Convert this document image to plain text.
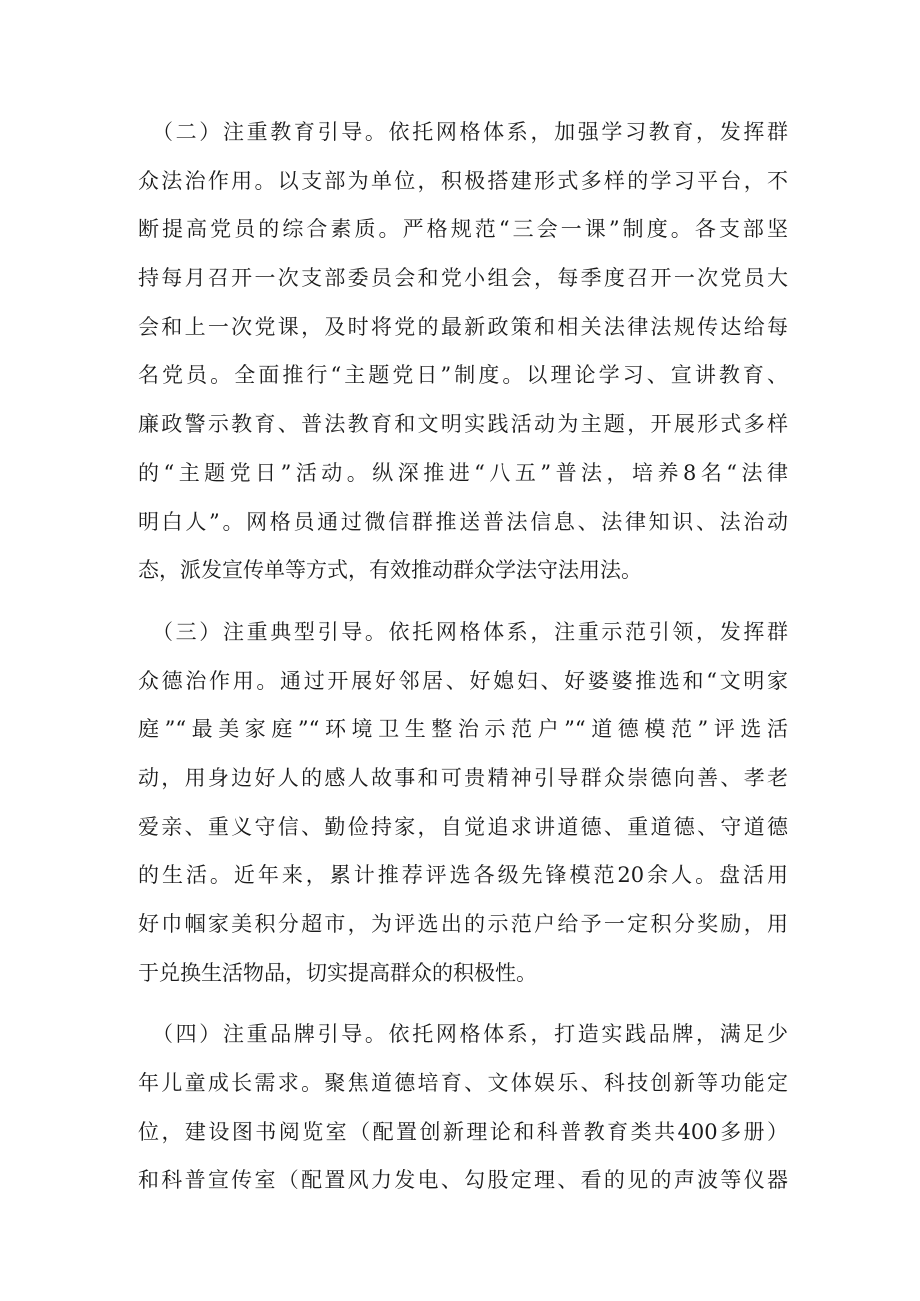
（二）注重教育引导。依托网格体系，加强学习教育，发挥群
众法治作用。以支部为单位，积极搭建形式多样的学习平台，不
断提高党员的综合素质。严格规范“三会一课”制度。各支部坚
持每月召开一次支部委员会和党小组会，每季度召开一次党员大
会和上一次党课，及时将党的最新政策和相关法律法规传达给每
名党员。全面推行“主题党日”制度。以理论学习、宣讲教育、
廉政警示教育、普法教育和文明实践活动为主题，开展形式多样
的“主题党日”活动。纵深推进“八五”普法，培养8名“法律
明白人”。网格员通过微信群推送普法信息、法律知识、法治动
态，派发宣传单等方式，有效推动群众学法守法用法。
（三）注重典型引导。依托网格体系，注重示范引领，发挥群
众德治作用。通过开展好邻居、好媳妇、好婆婆推选和“文明家
庭”“最美家庭”“环境卫生整治示范户”“道德模范”评选活
动，用身边好人的感人故事和可贵精神引导群众崇德向善、孝老
爱亲、重义守信、勤俭持家，自觉追求讲道德、重道德、守道德
的生活。近年来，累计推荐评选各级先锋模范20余人。盘活用
好巾帼家美积分超市，为评选出的示范户给予一定积分奖励，用
于兑换生活物品，切实提高群众的积极性。
（四）注重品牌引导。依托网格体系，打造实践品牌，满足少
年儿童成长需求。聚焦道德培育、文体娱乐、科技创新等功能定
位，建设图书阅览室（配置创新理论和科普教育类共400多册）
和科普宣传室（配置风力发电、勾股定理、看的见的声波等仪器
